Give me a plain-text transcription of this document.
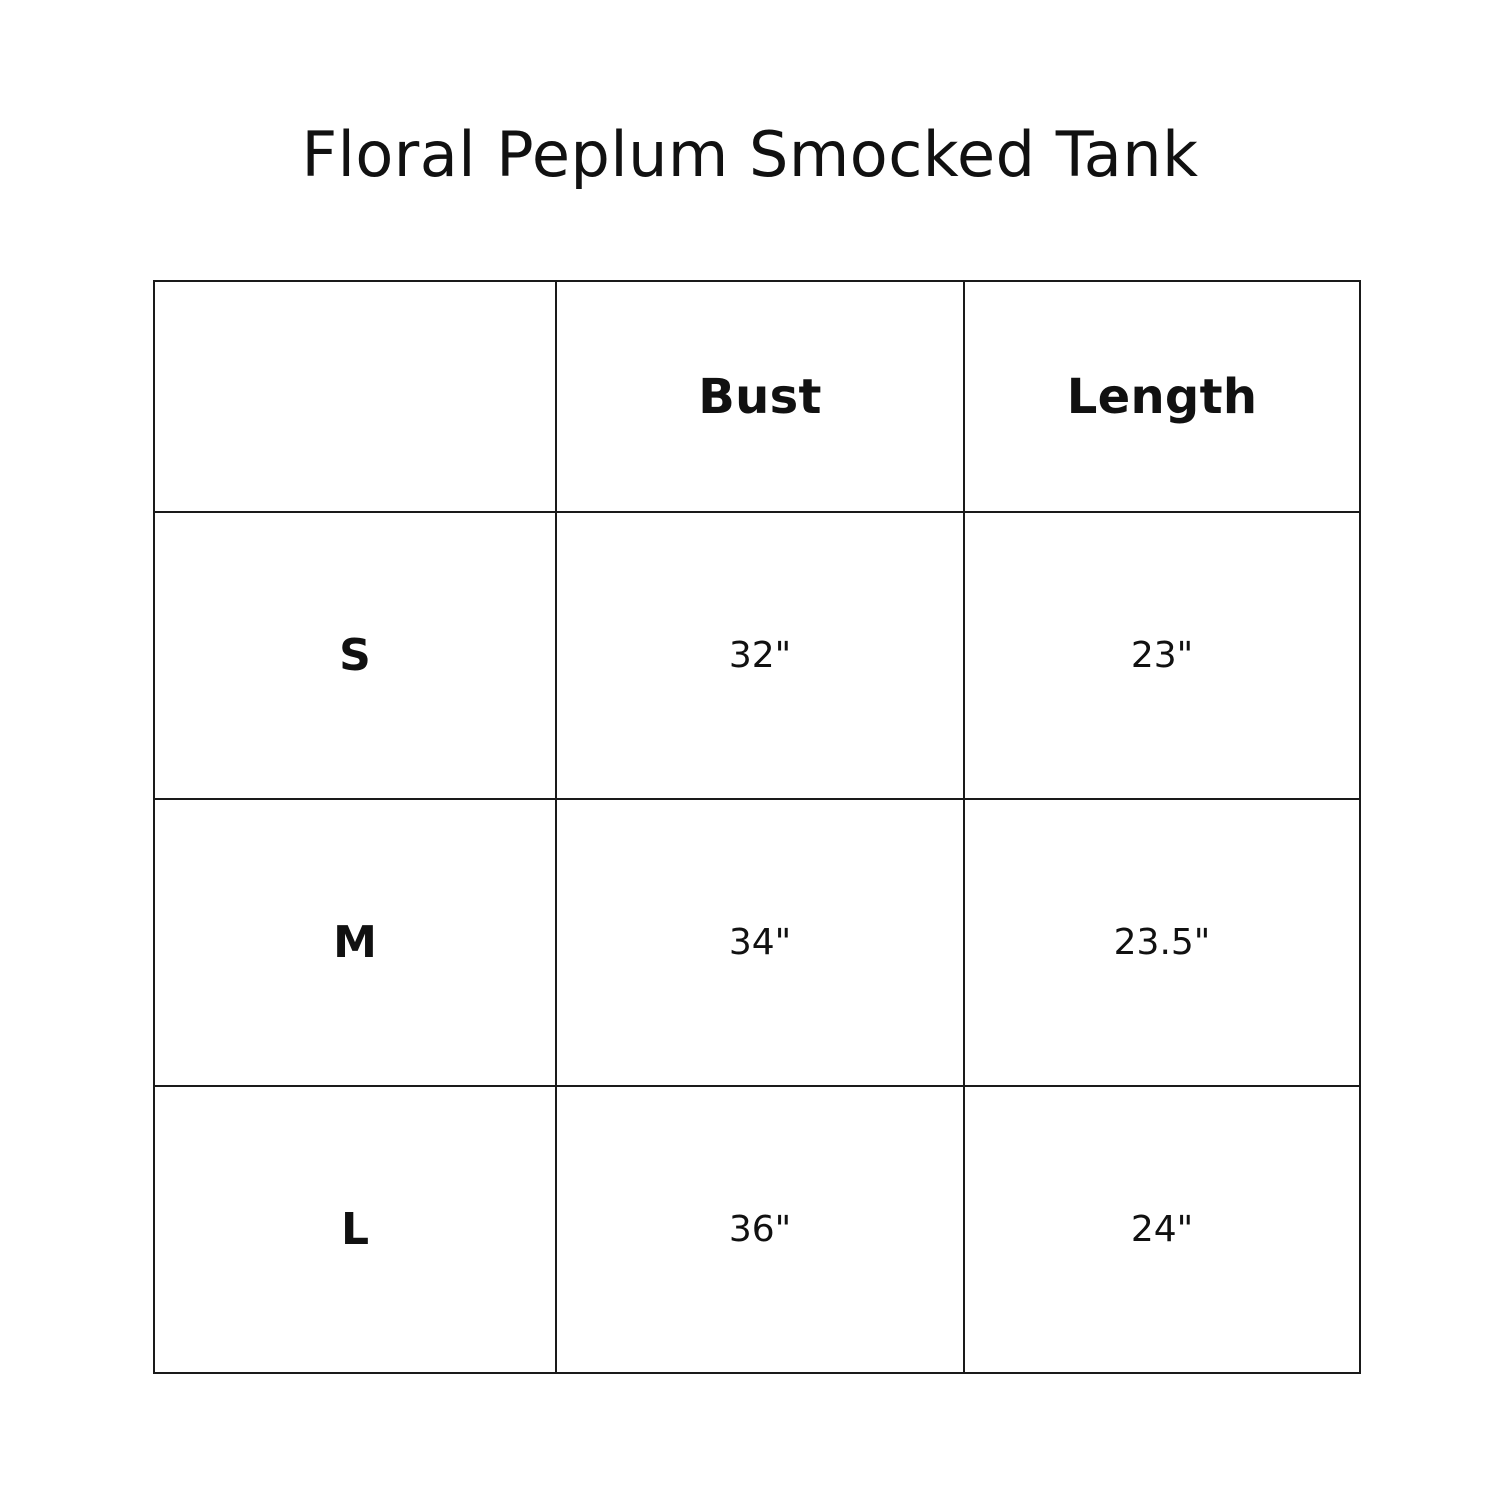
Floral Peplum Smocked Tank
	Bust	Length
S	32"	23"
M	34"	23.5"
L	36"	24"
